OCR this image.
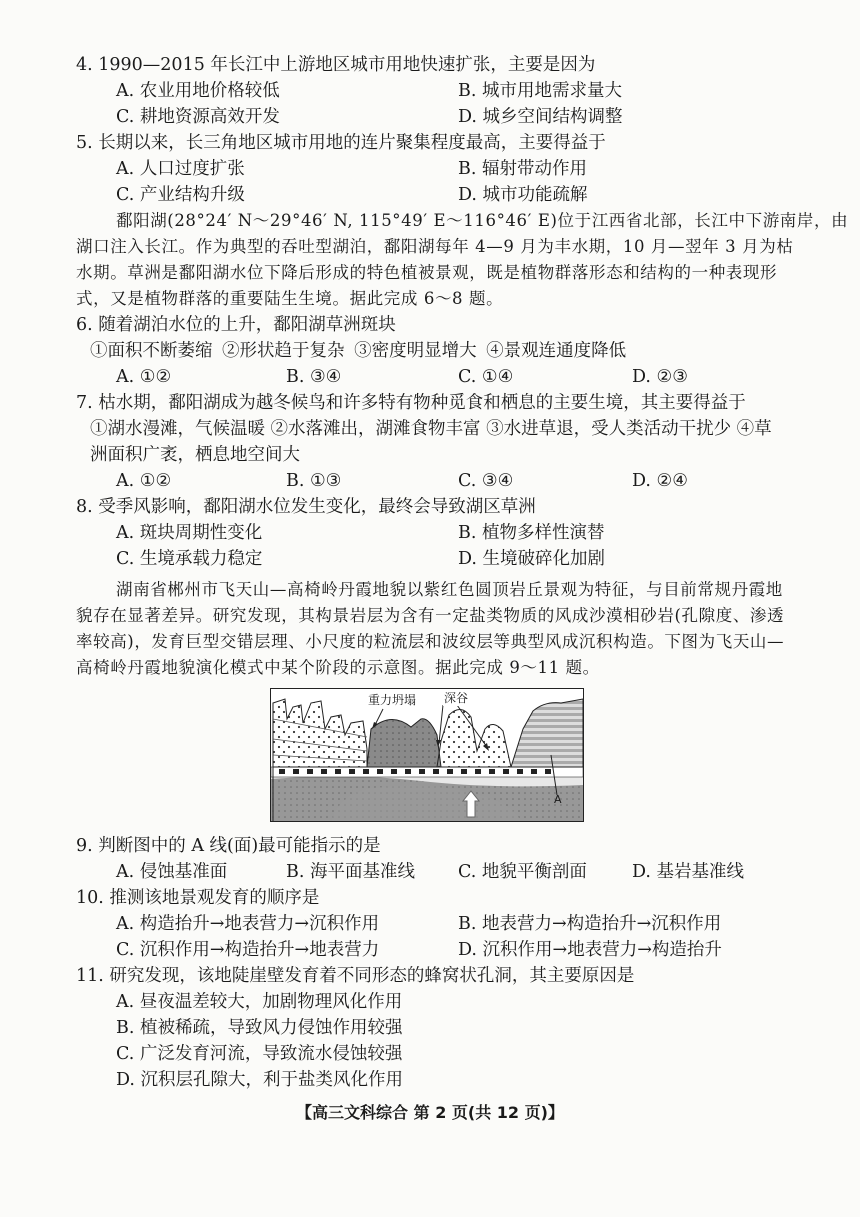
4. 1990—2015 年长江中上游地区城市用地快速扩张，主要是因为
A. 农业用地价格较低	B. 城市用地需求量大
C. 耕地资源高效开发	D. 城乡空间结构调整
5. 长期以来，长三角地区城市用地的连片聚集程度最高，主要得益于
A. 人口过度扩张	B. 辐射带动作用
C. 产业结构升级	D. 城市功能疏解
鄱阳湖(28°24′ N～29°46′ N, 115°49′ E～116°46′ E)位于江西省北部，长江中下游南岸，由
湖口注入长江。作为典型的吞吐型湖泊，鄱阳湖每年 4—9 月为丰水期，10 月—翌年 3 月为枯
水期。草洲是鄱阳湖水位下降后形成的特色植被景观，既是植物群落形态和结构的一种表现形
式，又是植物群落的重要陆生生境。据此完成 6～8 题。
6. 随着湖泊水位的上升，鄱阳湖草洲斑块
①面积不断萎缩 ②形状趋于复杂 ③密度明显增大 ④景观连通度降低
A. ①②	B. ③④	C. ①④	D. ②③
7. 枯水期，鄱阳湖成为越冬候鸟和许多特有物种觅食和栖息的主要生境，其主要得益于
①湖水漫滩，气候温暖 ②水落滩出，湖滩食物丰富 ③水进草退，受人类活动干扰少 ④草
洲面积广袤，栖息地空间大
A. ①②	B. ①③	C. ③④	D. ②④
8. 受季风影响，鄱阳湖水位发生变化，最终会导致湖区草洲
A. 斑块周期性变化	B. 植物多样性演替
C. 生境承载力稳定	D. 生境破碎化加剧
湖南省郴州市飞天山—高椅岭丹霞地貌以紫红色圆顶岩丘景观为特征，与目前常规丹霞地
貌存在显著差异。研究发现，其构景岩层为含有一定盐类物质的风成沙漠相砂岩(孔隙度、渗透
率较高)，发育巨型交错层理、小尺度的粒流层和波纹层等典型风成沉积构造。下图为飞天山—
高椅岭丹霞地貌演化模式中某个阶段的示意图。据此完成 9～11 题。
重力坍塌 深谷
A
9. 判断图中的 A 线(面)最可能指示的是
A. 侵蚀基准面	B. 海平面基准线 C. 地貌平衡剖面	D. 基岩基准线
10. 推测该地景观发育的顺序是
A. 构造抬升→地表营力→沉积作用	B. 地表营力→构造抬升→沉积作用
C. 沉积作用→构造抬升→地表营力	D. 沉积作用→地表营力→构造抬升
11. 研究发现，该地陡崖壁发育着不同形态的蜂窝状孔洞，其主要原因是
A. 昼夜温差较大，加剧物理风化作用
B. 植被稀疏，导致风力侵蚀作用较强
C. 广泛发育河流，导致流水侵蚀较强
D. 沉积层孔隙大，利于盐类风化作用
【高三文科综合 第 2 页(共 12 页)】
